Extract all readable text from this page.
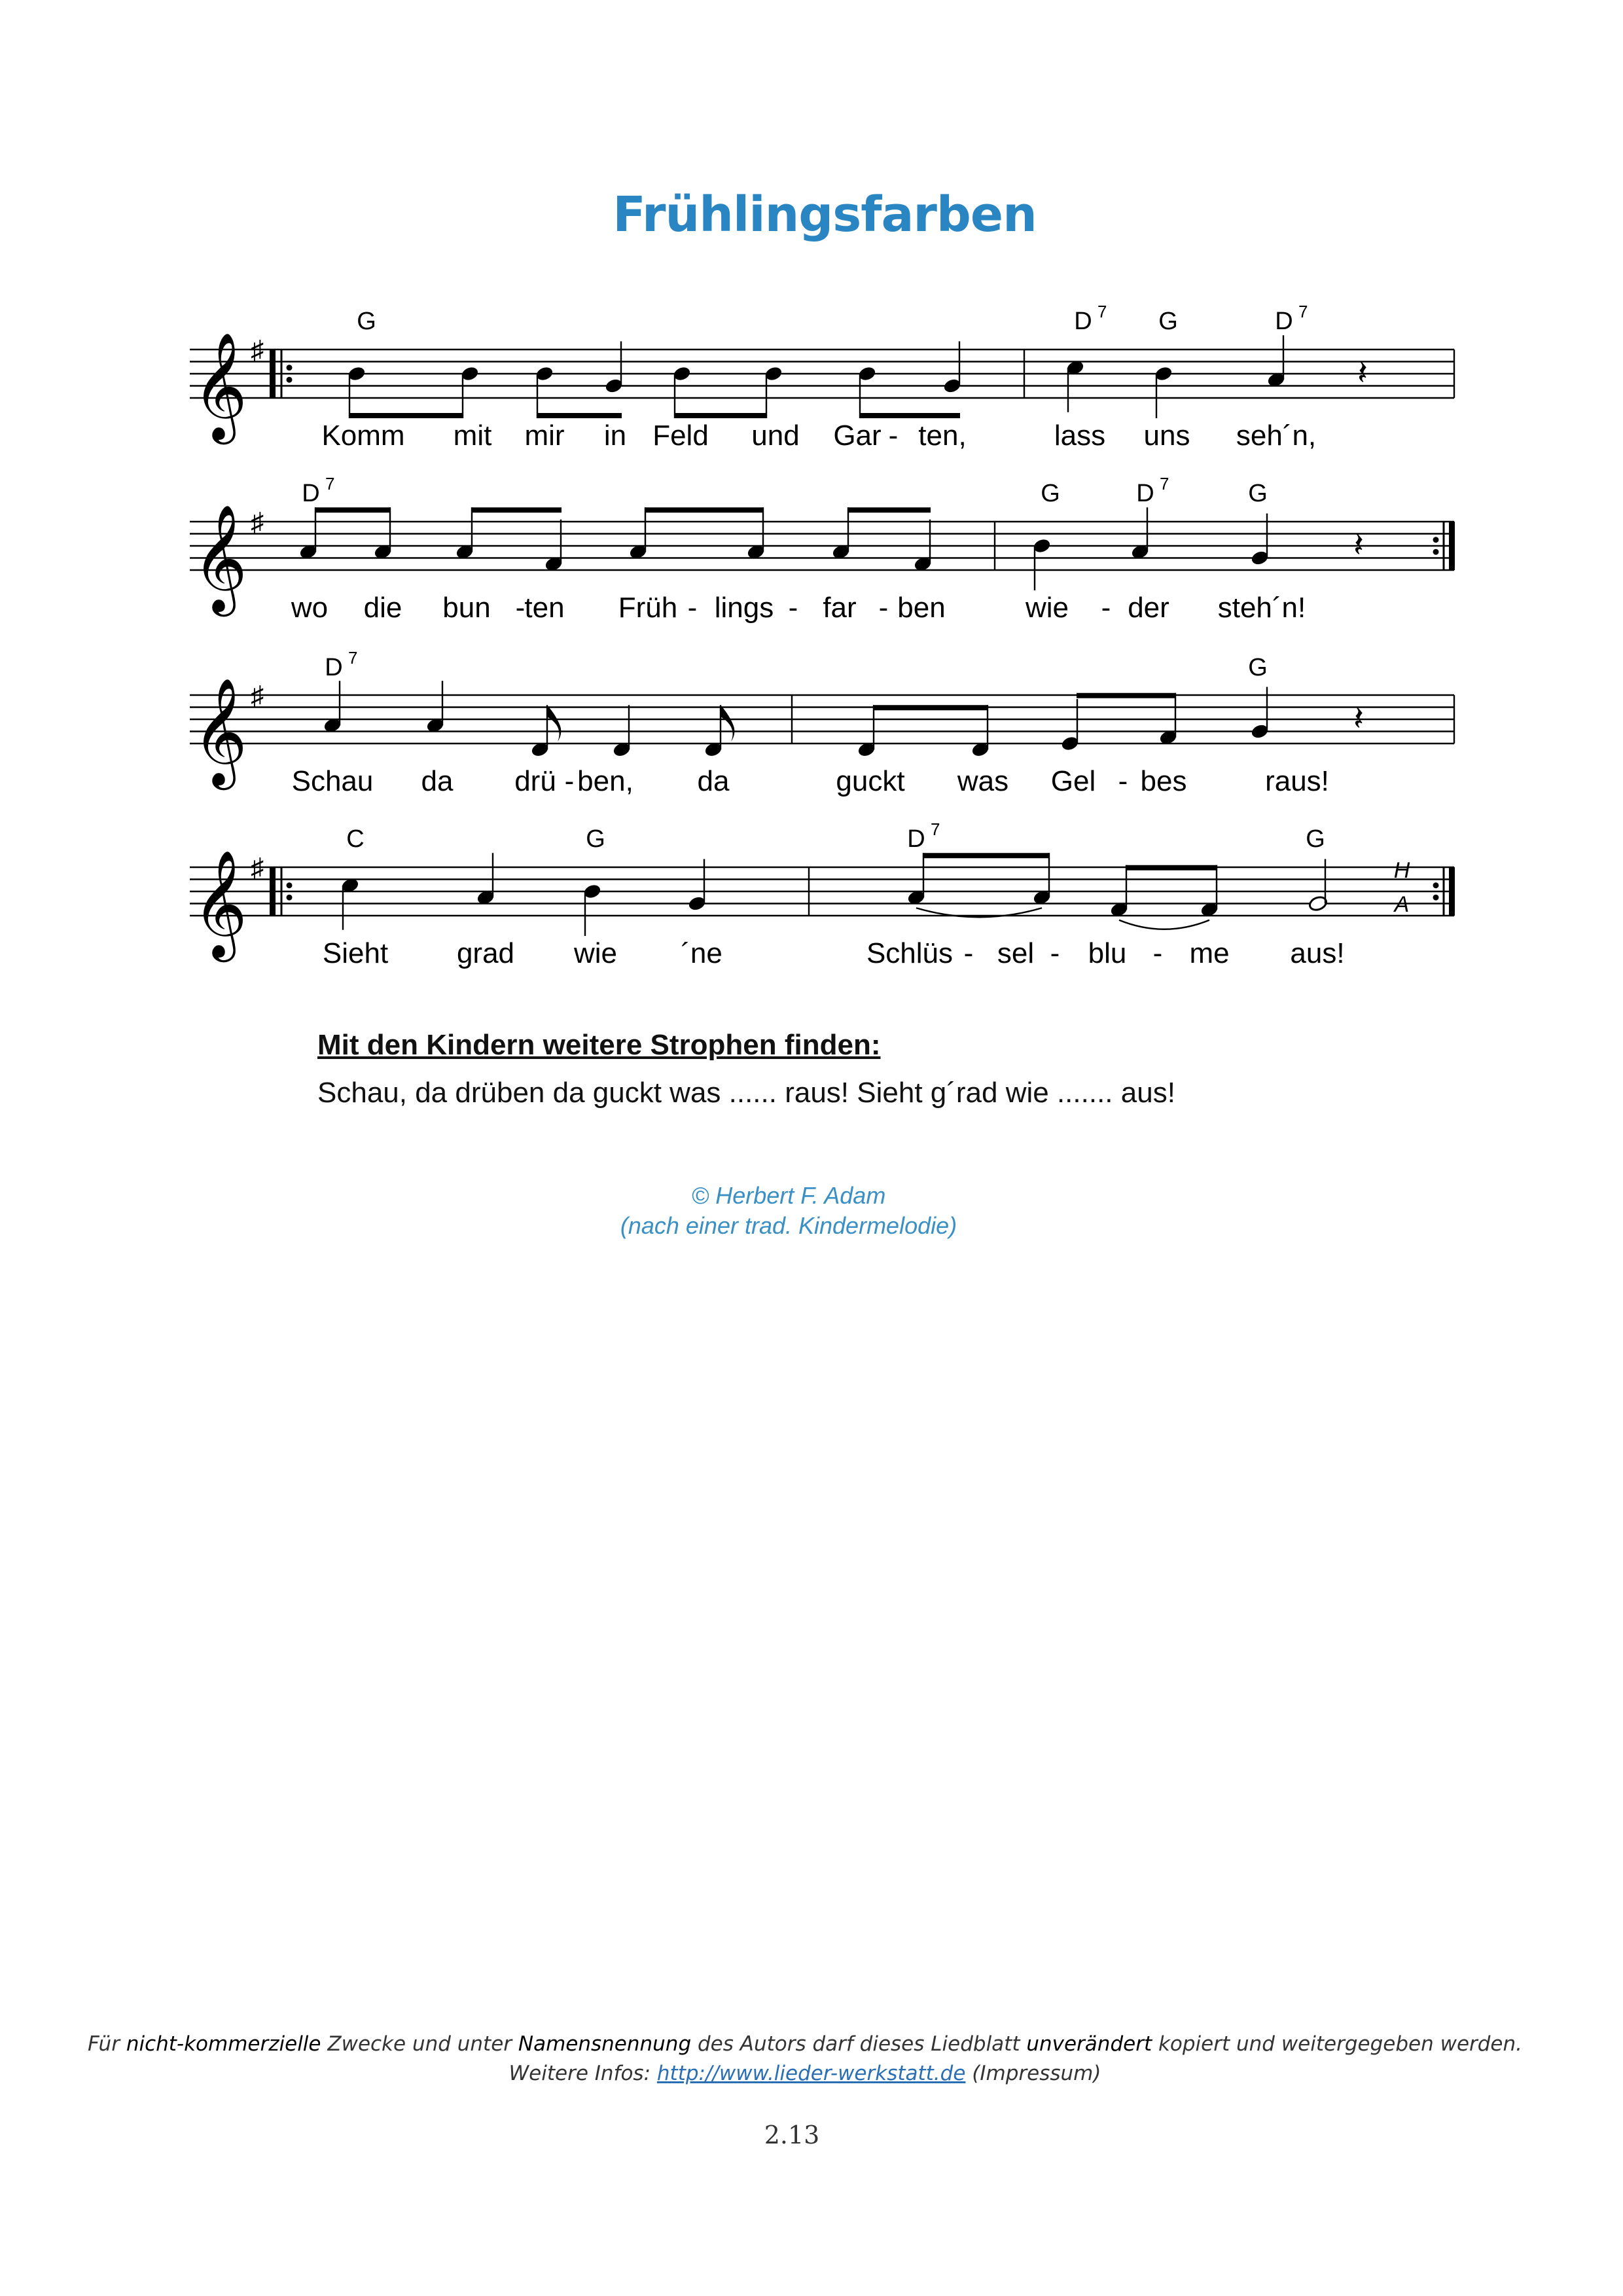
Frühlingsfarben
𝄞 ♯
𝄽
G	D 7 G	D 7
Komm mit mir in Feld und Gar - ten,	lass uns seh´n,
𝄞 ♯
𝄽
D 7	G	D 7	G
wo die bun - ten Früh - lings - far - ben	wie - der steh´n!
𝄞 ♯
𝄽
D 7	G
Schau da drü - ben, da	guckt was Gel - bes	raus!
𝄞 ♯
C	G	D 7	G
Sieht grad wie ´ne	Schlüs - sel - blu - me aus!
H
A
Mit den Kindern weitere Strophen finden:
Schau, da drüben da guckt was ...... raus! Sieht g´rad wie ....... aus!
© Herbert F. Adam
(nach einer trad. Kindermelodie)
Für nicht-kommerzielle Zwecke und unter Namensnennung des Autors darf dieses Liedblatt unverändert kopiert und weitergegeben werden.
Weitere Infos: http://www.lieder-werkstatt.de (Impressum)
2.13
